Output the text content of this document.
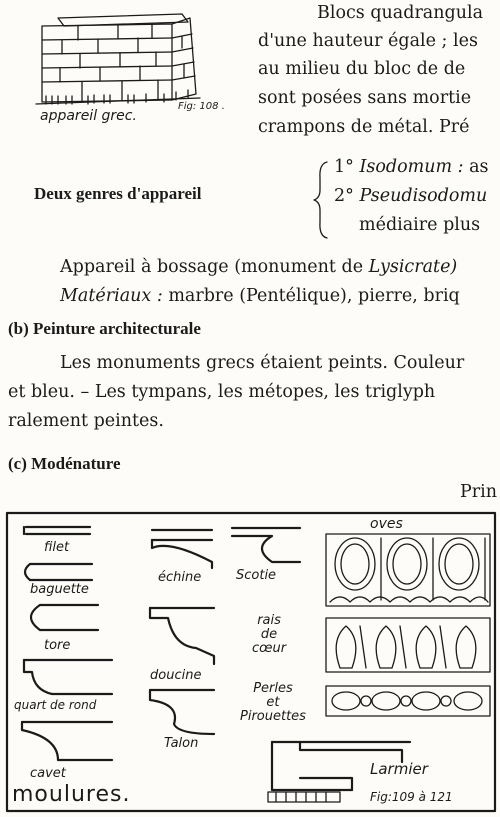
appareil grec.
Fig: 108 .
Blocs quadrangula
d'une hauteur égale ; les
au milieu du bloc de de
sont posées sans mortie
crampons de métal. Pré
Deux genres d'appareil
1° Isodomum : as
2° Pseudisodomu
médiaire plus
Appareil à bossage (monument de Lysicrate)
Matériaux : marbre (Pentélique), pierre, briq
(b) Peinture architecturale
Les monuments grecs étaient peints. Couleur
et bleu. – Les tympans, les métopes, les triglyph
ralement peintes.
(c) Modénature
Prin
filet
baguette
tore
quart de rond
cavet
échine
doucine
Talon
Scotie
rais
de
cœur
Perles
et
Pirouettes
oves
Larmier
moulures.	Fig:109 à 121
